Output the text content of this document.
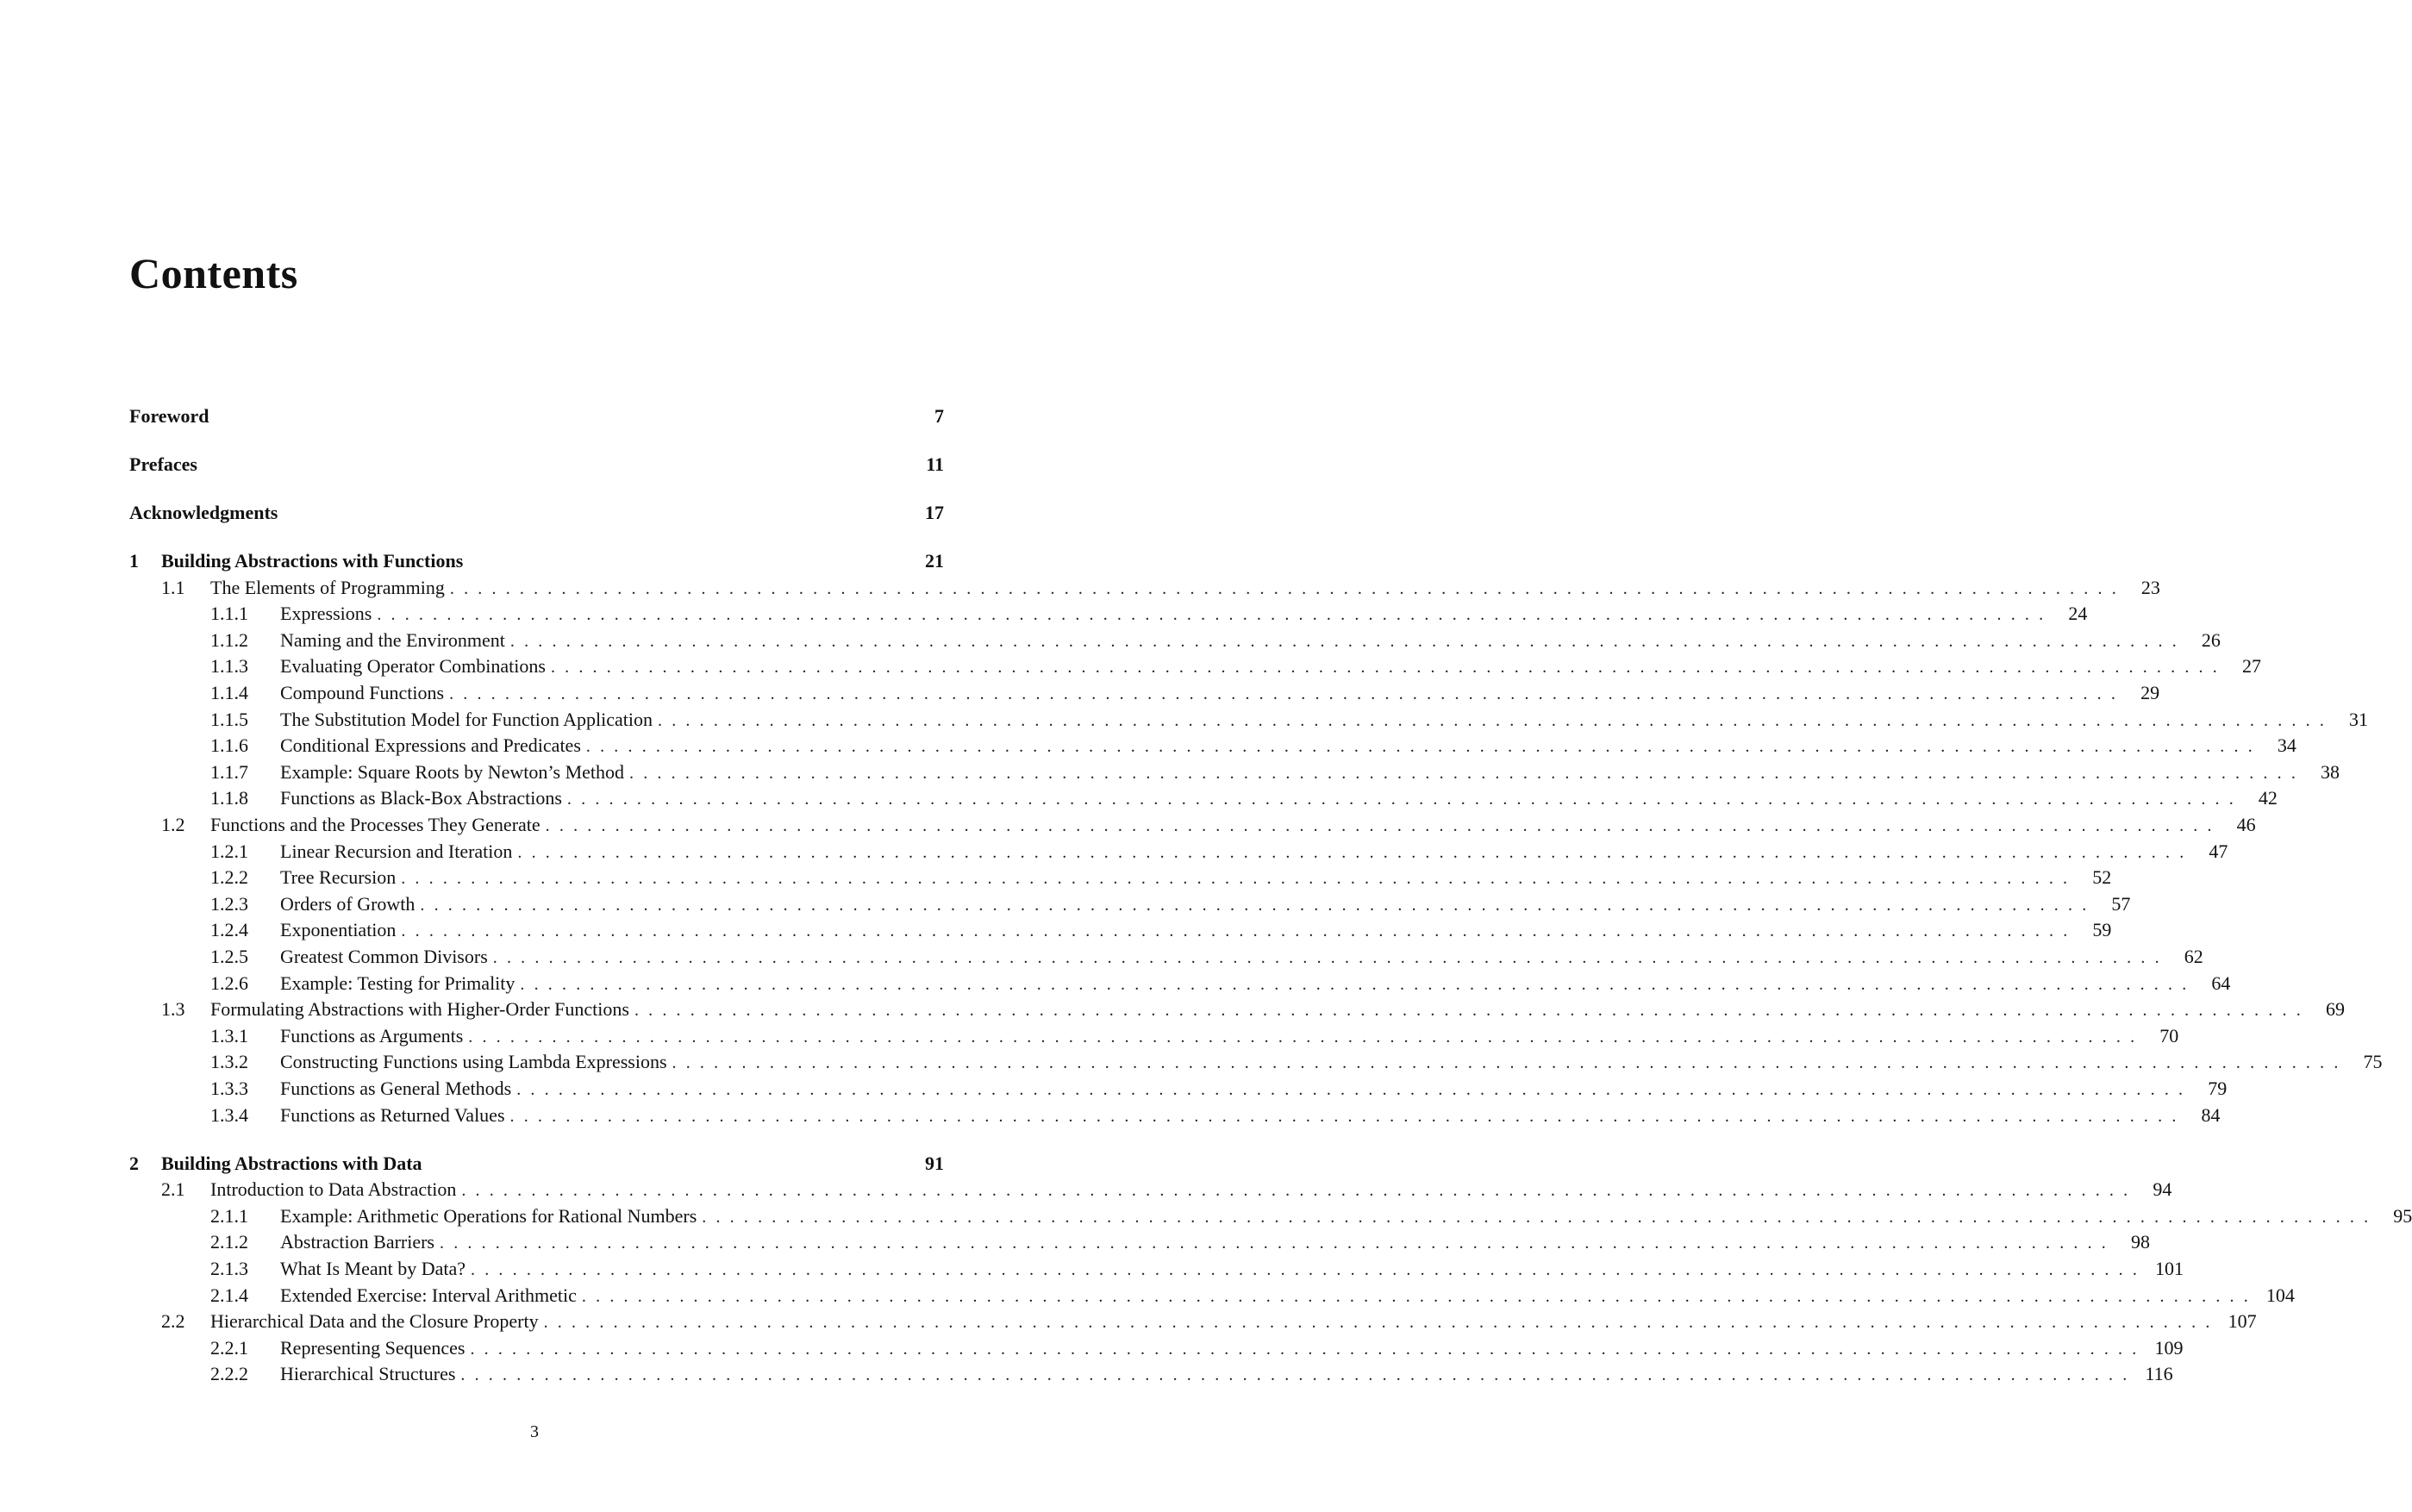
Contents
Foreword	7
Prefaces	11
Acknowledgments	17
1	Building Abstractions with Functions	21
1.1	The Elements of Programming ........................................................................................................................ 23
1.1.1	Expressions ........................................................................................................................ 24
1.1.2	Naming and the Environment ........................................................................................................................ 26
1.1.3	Evaluating Operator Combinations ........................................................................................................................ 27
1.1.4	Compound Functions ........................................................................................................................ 29
1.1.5	The Substitution Model for Function Application ........................................................................................................................ 31
1.1.6	Conditional Expressions and Predicates ........................................................................................................................ 34
1.1.7	Example: Square Roots by Newton’s Method ........................................................................................................................ 38
1.1.8	Functions as Black-Box Abstractions ........................................................................................................................ 42
1.2	Functions and the Processes They Generate ........................................................................................................................ 46
1.2.1	Linear Recursion and Iteration ........................................................................................................................ 47
1.2.2	Tree Recursion ........................................................................................................................ 52
1.2.3	Orders of Growth ........................................................................................................................ 57
1.2.4	Exponentiation ........................................................................................................................ 59
1.2.5	Greatest Common Divisors ........................................................................................................................ 62
1.2.6	Example: Testing for Primality ........................................................................................................................ 64
1.3	Formulating Abstractions with Higher-Order Functions ........................................................................................................................ 69
1.3.1	Functions as Arguments ........................................................................................................................ 70
1.3.2	Constructing Functions using Lambda Expressions ........................................................................................................................ 75
1.3.3	Functions as General Methods ........................................................................................................................ 79
1.3.4	Functions as Returned Values ........................................................................................................................ 84
2	Building Abstractions with Data	91
2.1	Introduction to Data Abstraction ........................................................................................................................ 94
2.1.1	Example: Arithmetic Operations for Rational Numbers ........................................................................................................................ 95
2.1.2	Abstraction Barriers ........................................................................................................................ 98
2.1.3	What Is Meant by Data? ........................................................................................................................ 101
2.1.4	Extended Exercise: Interval Arithmetic ........................................................................................................................ 104
2.2	Hierarchical Data and the Closure Property ........................................................................................................................ 107
2.2.1	Representing Sequences ........................................................................................................................ 109
2.2.2	Hierarchical Structures ........................................................................................................................ 116
3
